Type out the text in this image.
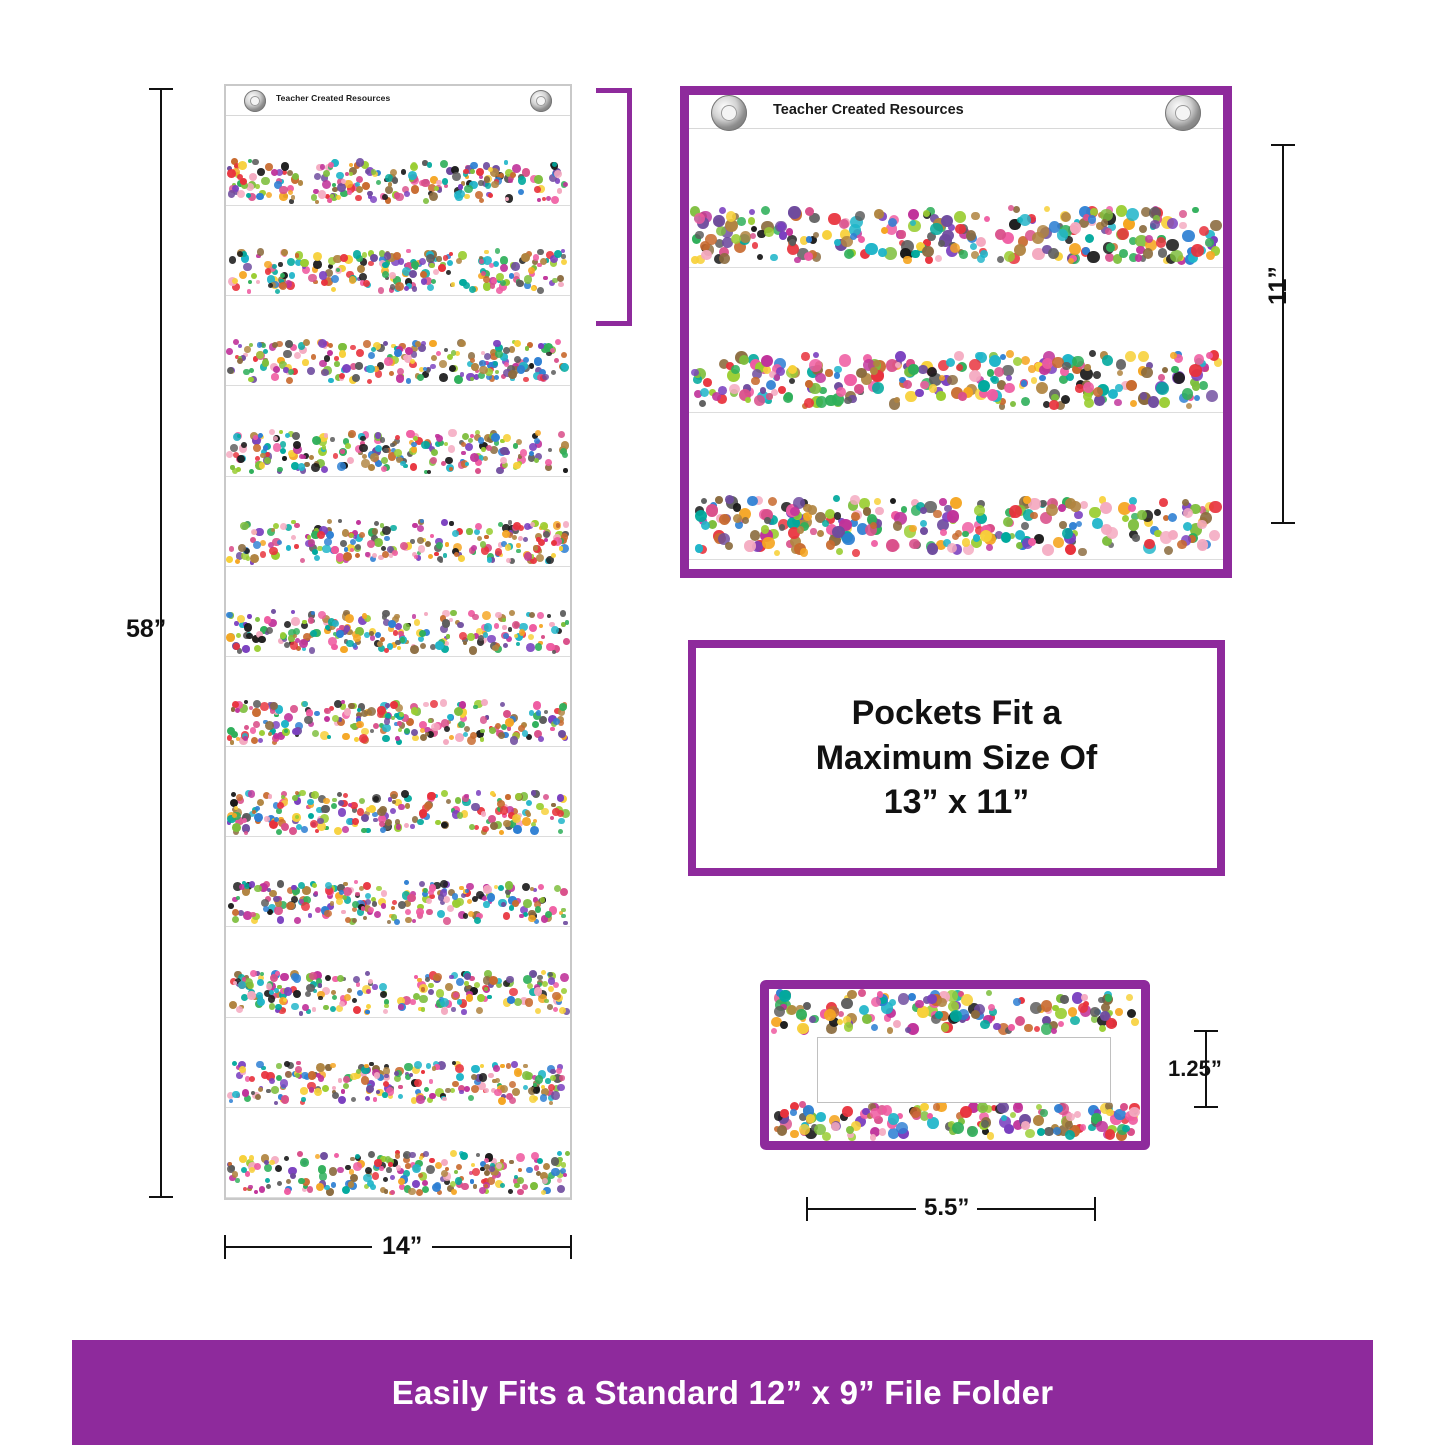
Teacher Created Resources
58”
14”
Teacher Created Resources
11”
Pockets Fit a
Maximum Size Of
13” x 11”
1.25”
5.5”
Easily Fits a Standard 12” x 9” File Folder
